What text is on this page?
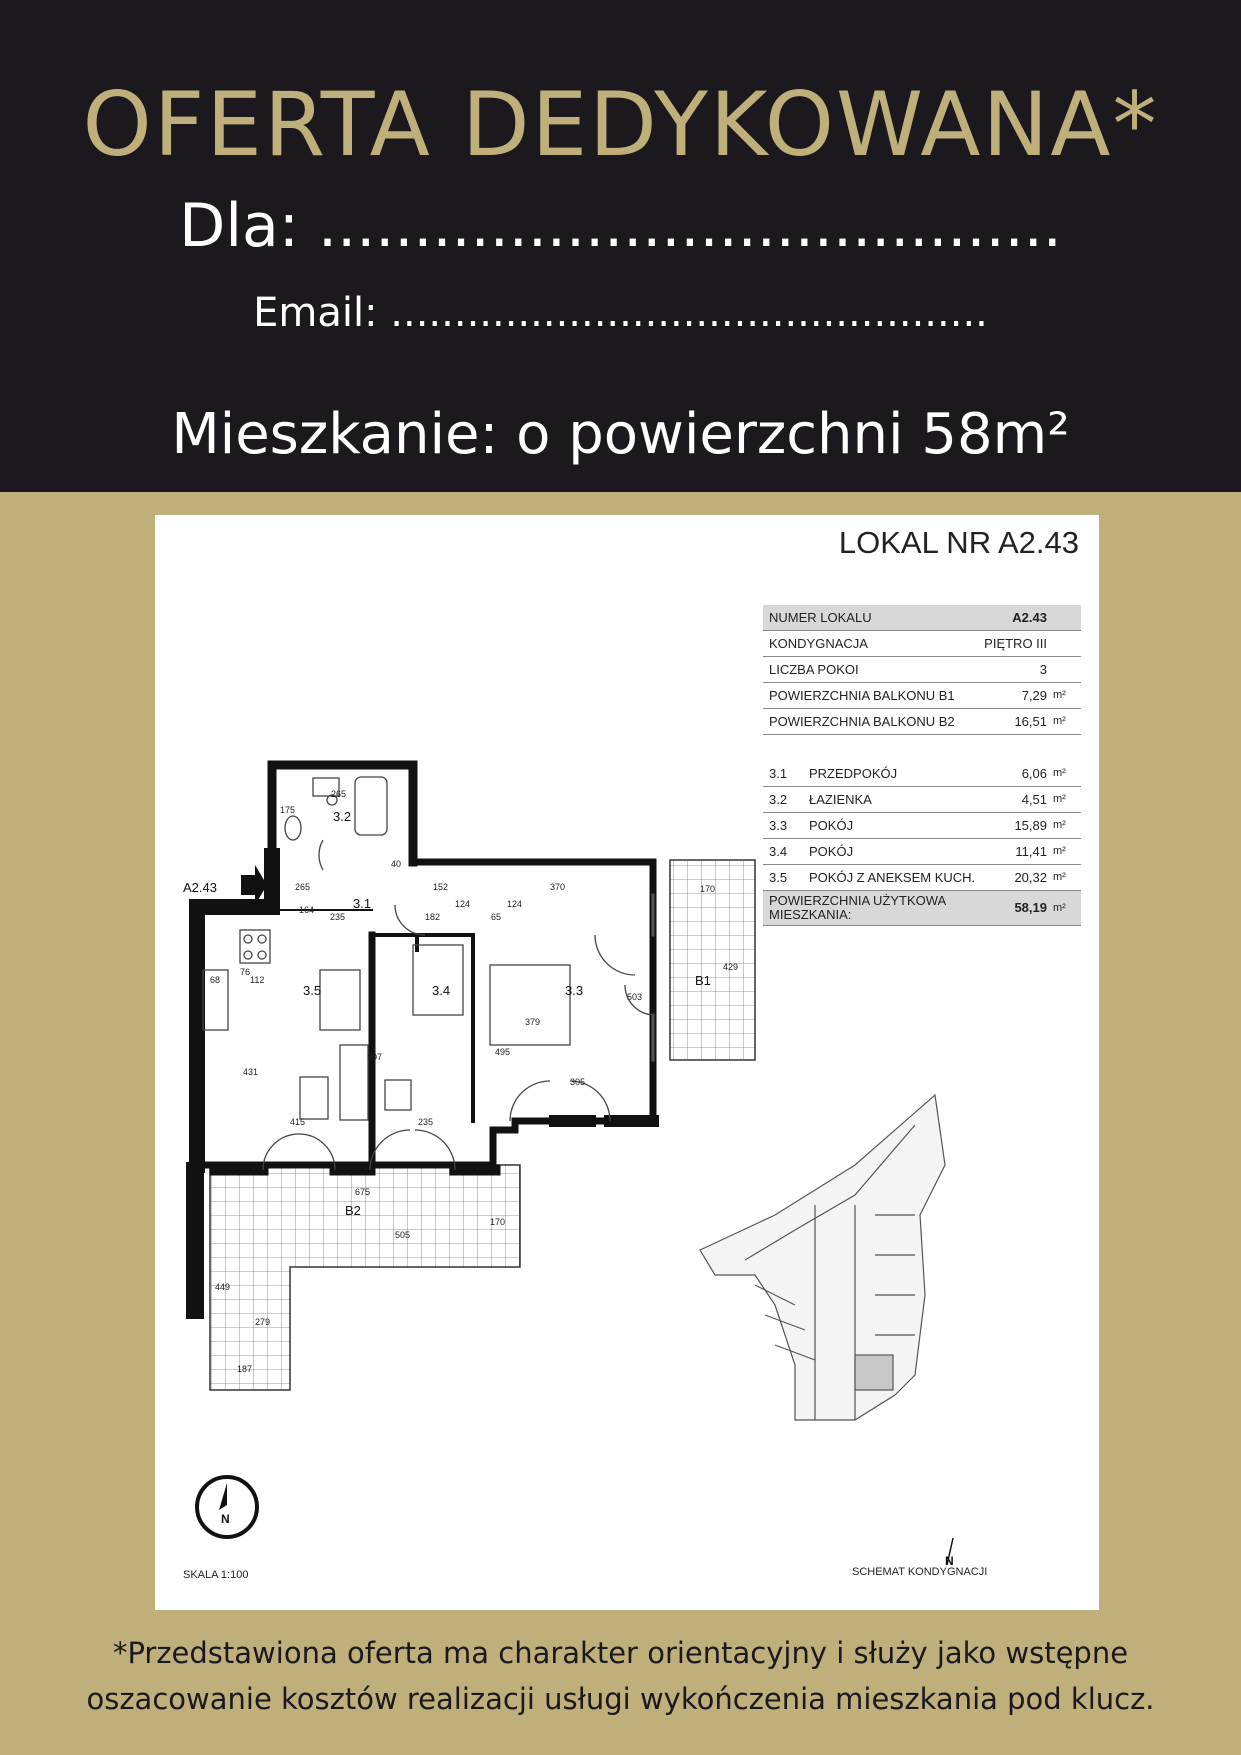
OFERTA DEDYKOWANA*
Dla: .......................................
Email: ...............................................
Mieszkanie: o powierzchni 58m²
LOKAL NR A2.43
NUMER LOKALU	A2.43
KONDYGNACJA	PIĘTRO III
LICZBA POKOI	3
POWIERZCHNIA BALKONU B1	7,29 m²
POWIERZCHNIA BALKONU B2	16,51 m²
3.1	PRZEDPOKÓJ	6,06 m²
3.2	ŁAZIENKA	4,51 m²
3.3	POKÓJ	15,89 m²
3.4	POKÓJ	11,41 m²
3.5	POKÓJ Z ANEKSEM KUCH.	20,32 m²
POWIERZCHNIA UŻYTKOWA
MIESZKANIA:	58,19 m²
A2.43
3.2
3.1
3.5	3.4	3.3
B1
B2
265
175
40
265	152
124	124
370	170
164
235	182	65
76
112
68
431
507	495
379
503
429
305
415	235
675
505
170
449
279
187
N
SKALA 1:100
N
SCHEMAT KONDYGNACJI
*Przedstawiona oferta ma charakter orientacyjny i służy jako wstępne
oszacowanie kosztów realizacji usługi wykończenia mieszkania pod klucz.
